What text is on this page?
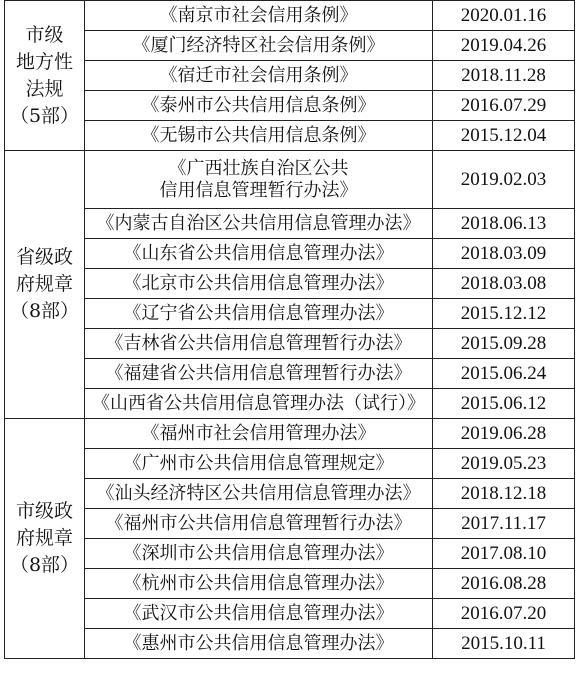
市级
地方性
法规
（5部）	《南京市社会信用条例》	2020.01.16
	《厦门经济特区社会信用条例》	2019.04.26
	《宿迁市社会信用条例》	2018.11.28
	《泰州市公共信用信息条例》	2016.07.29
	《无锡市公共信用信息条例》	2015.12.04

省级政
府规章
（8部）	《广西壮族自治区公共
信用信息管理暂行办法》	2019.02.03
	《内蒙古自治区公共信用信息管理办法》	2018.06.13
	《山东省公共信用信息管理办法》	2018.03.09
	《北京市公共信用信息管理办法》	2018.03.08
	《辽宁省公共信用信息管理办法》	2015.12.12
	《吉林省公共信用信息管理暂行办法》	2015.09.28
	《福建省公共信用信息管理暂行办法》	2015.06.24
	《山西省公共信用信息管理办法（试行）》	2015.06.12

市级政
府规章
（8部）	《福州市社会信用管理办法》	2019.06.28
	《广州市公共信用信息管理规定》	2019.05.23
	《汕头经济特区公共信用信息管理办法》	2018.12.18
	《福州市公共信用信息管理暂行办法》	2017.11.17
	《深圳市公共信用信息管理办法》	2017.08.10
	《杭州市公共信用信息管理办法》	2016.08.28
	《武汉市公共信用信息管理办法》	2016.07.20
	《惠州市公共信用信息管理办法》	2015.10.11
